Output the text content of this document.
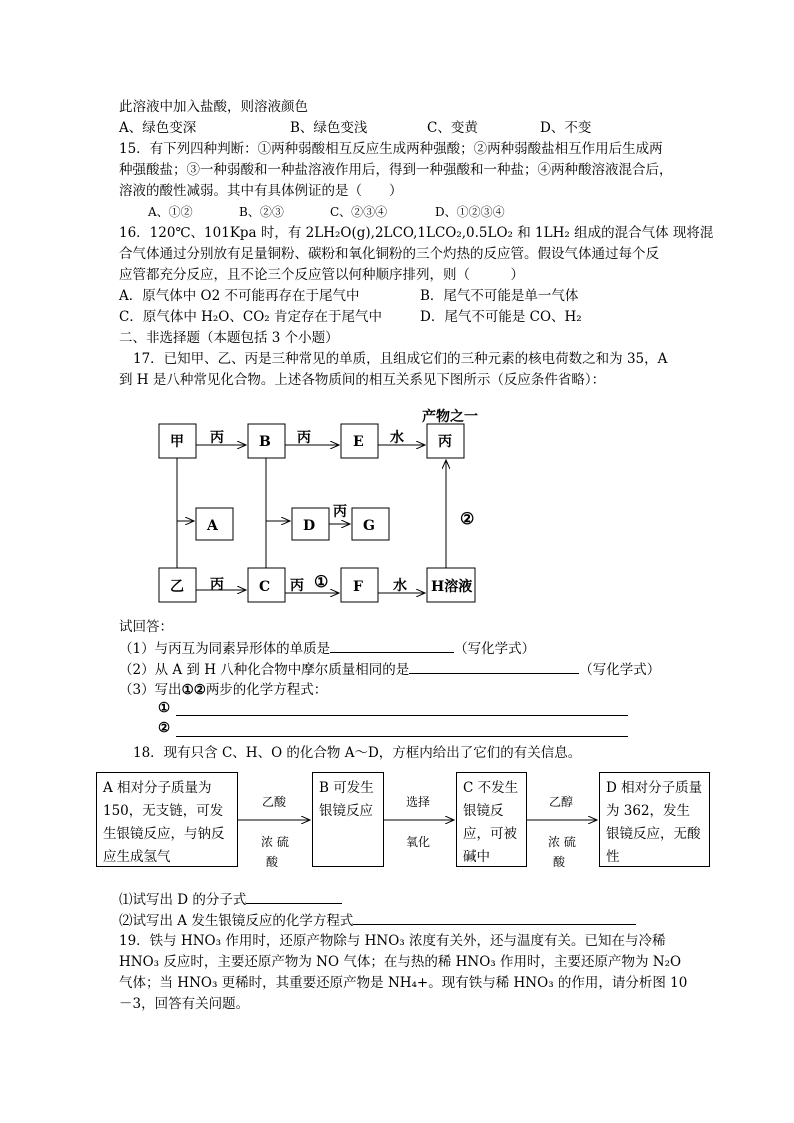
此溶液中加入盐酸，则溶液颜色
A、绿色变深	B、绿色变浅	C、变黄	D、不变
15．有下列四种判断：①两种弱酸相互反应生成两种强酸；②两种弱酸盐相互作用后生成两
种强酸盐；③一种弱酸和一种盐溶液作用后，得到一种强酸和一种盐；④两种酸溶液混合后，
溶液的酸性减弱。其中有具体例证的是（　　）
A、①②	B、②③	C、②③④	D、①②③④
16．120℃、101Kpa 时，有 2LH₂O(g),2LCO,1LCO₂,0.5LO₂ 和 1LH₂ 组成的混合气体 现将混
合气体通过分别放有足量铜粉、碳粉和氧化铜粉的三个灼热的反应管。假设气体通过每个反
应管都充分反应，且不论三个反应管以何种顺序排列，则（　　　）
A．原气体中 O2 不可能再存在于尾气中	B．尾气不可能是单一气体
C．原气体中 H₂O、CO₂ 肯定存在于尾气中	D．尾气不可能是 CO、H₂
二、非选择题（本题包括 3 个小题）
17．已知甲、乙、丙是三种常见的单质，且组成它们的三种元素的核电荷数之和为 35，A
到 H 是八种常见化合物。上述各物质间的相互关系见下图所示（反应条件省略）：
产物之一
甲	B	E	丙
A	D	G
乙	C	F	H溶液
丙	丙	水
丙
丙	丙 ①	水
②
试回答：
（1）与丙互为同素异形体的单质是	（写化学式）
（2）从 A 到 H 八种化合物中摩尔质量相同的是	（写化学式）
（3）写出①②两步的化学方程式：
①
②
18．现有只含 C、H、O 的化合物 A～D，方框内给出了它们的有关信息。
A 相对分子质量为 150，无支链，可发生银镜反应，与钠反应生成氢气
B 可发生银镜反应
C 不发生银镜反应，可被碱中
D 相对分子质量为 362，发生银镜反应，无酸性
乙酸
浓 硫
酸
选择
氧化
乙醇
浓 硫
酸
⑴试写出 D 的分子式
⑵试写出 A 发生银镜反应的化学方程式
19．铁与 HNO₃ 作用时，还原产物除与 HNO₃ 浓度有关外，还与温度有关。已知在与冷稀
HNO₃ 反应时，主要还原产物为 NO 气体；在与热的稀 HNO₃ 作用时，主要还原产物为 N₂O
气体；当 HNO₃ 更稀时，其重要还原产物是 NH₄+。现有铁与稀 HNO₃ 的作用，请分析图 10
－3，回答有关问题。
